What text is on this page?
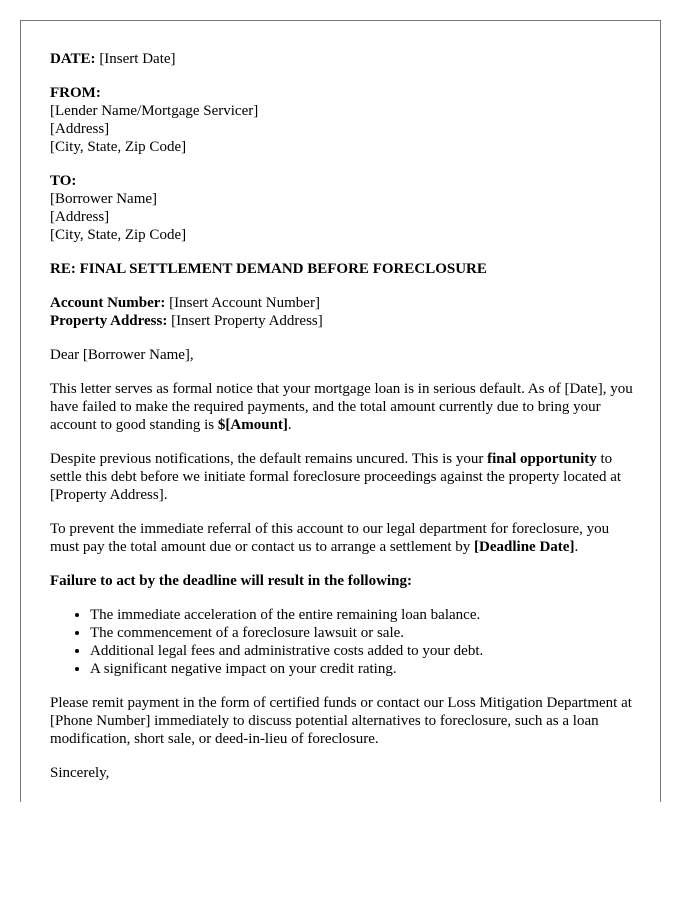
DATE: [Insert Date]
FROM:
[Lender Name/Mortgage Servicer]
[Address]
[City, State, Zip Code]
TO:
[Borrower Name]
[Address]
[City, State, Zip Code]
RE: FINAL SETTLEMENT DEMAND BEFORE FORECLOSURE
Account Number: [Insert Account Number]
Property Address: [Insert Property Address]
Dear [Borrower Name],
This letter serves as formal notice that your mortgage loan is in serious default. As of [Date], you have failed to make the required payments, and the total amount currently due to bring your account to good standing is $[Amount].
Despite previous notifications, the default remains uncured. This is your final opportunity to settle this debt before we initiate formal foreclosure proceedings against the property located at [Property Address].
To prevent the immediate referral of this account to our legal department for foreclosure, you must pay the total amount due or contact us to arrange a settlement by [Deadline Date].
Failure to act by the deadline will result in the following:
• The immediate acceleration of the entire remaining loan balance.
• The commencement of a foreclosure lawsuit or sale.
• Additional legal fees and administrative costs added to your debt.
• A significant negative impact on your credit rating.
Please remit payment in the form of certified funds or contact our Loss Mitigation Department at [Phone Number] immediately to discuss potential alternatives to foreclosure, such as a loan modification, short sale, or deed-in-lieu of foreclosure.
Sincerely,
